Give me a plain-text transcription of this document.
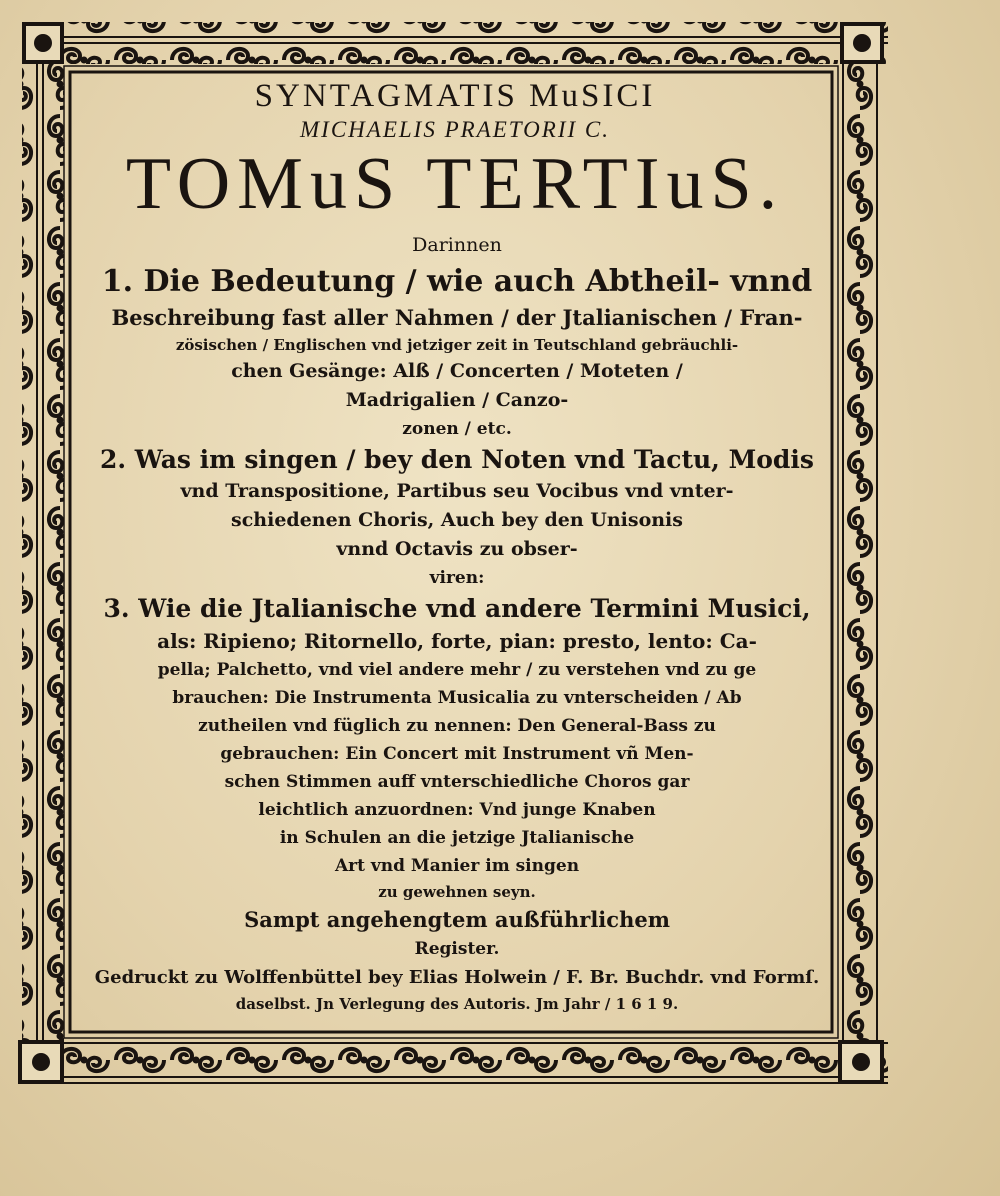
SYNTAGMATIS MuSICI
MICHAELIS PRAETORII C.
TOMuS TERTIuS.
Darinnen
1. Die Bedeutung / wie auch Abtheil- vnnd
Beschreibung fast aller Nahmen / der Jtalianischen / Fran-
zösischen / Englischen vnd jetziger zeit in Teutschland gebräuchli-
chen Gesänge: Alß / Concerten / Moteten /
Madrigalien / Canzo-
zonen / etc.
2. Was im singen / bey den Noten vnd Tactu, Modis
vnd Transpositione, Partibus seu Vocibus vnd vnter-
schiedenen Choris, Auch bey den Unisonis
vnnd Octavis zu obser-
viren:
3. Wie die Jtalianische vnd andere Termini Musici,
als: Ripieno; Ritornello, forte, pian: presto, lento: Ca-
pella; Palchetto, vnd viel andere mehr / zu verstehen vnd zu ge
brauchen: Die Instrumenta Musicalia zu vnterscheiden / Ab
zutheilen vnd füglich zu nennen: Den General-Bass zu
gebrauchen: Ein Concert mit Instrument vñ Men-
schen Stimmen auff vnterschiedliche Choros gar
leichtlich anzuordnen: Vnd junge Knaben
in Schulen an die jetzige Jtalianische
Art vnd Manier im singen
zu gewehnen seyn.
Sampt angehengtem außführlichem
Register.
Gedruckt zu Wolffenbüttel bey Elias Holwein / F. Br. Buchdr. vnd Formſ.
daselbst. Jn Verlegung des Autoris. Jm Jahr / 1 6 1 9.
